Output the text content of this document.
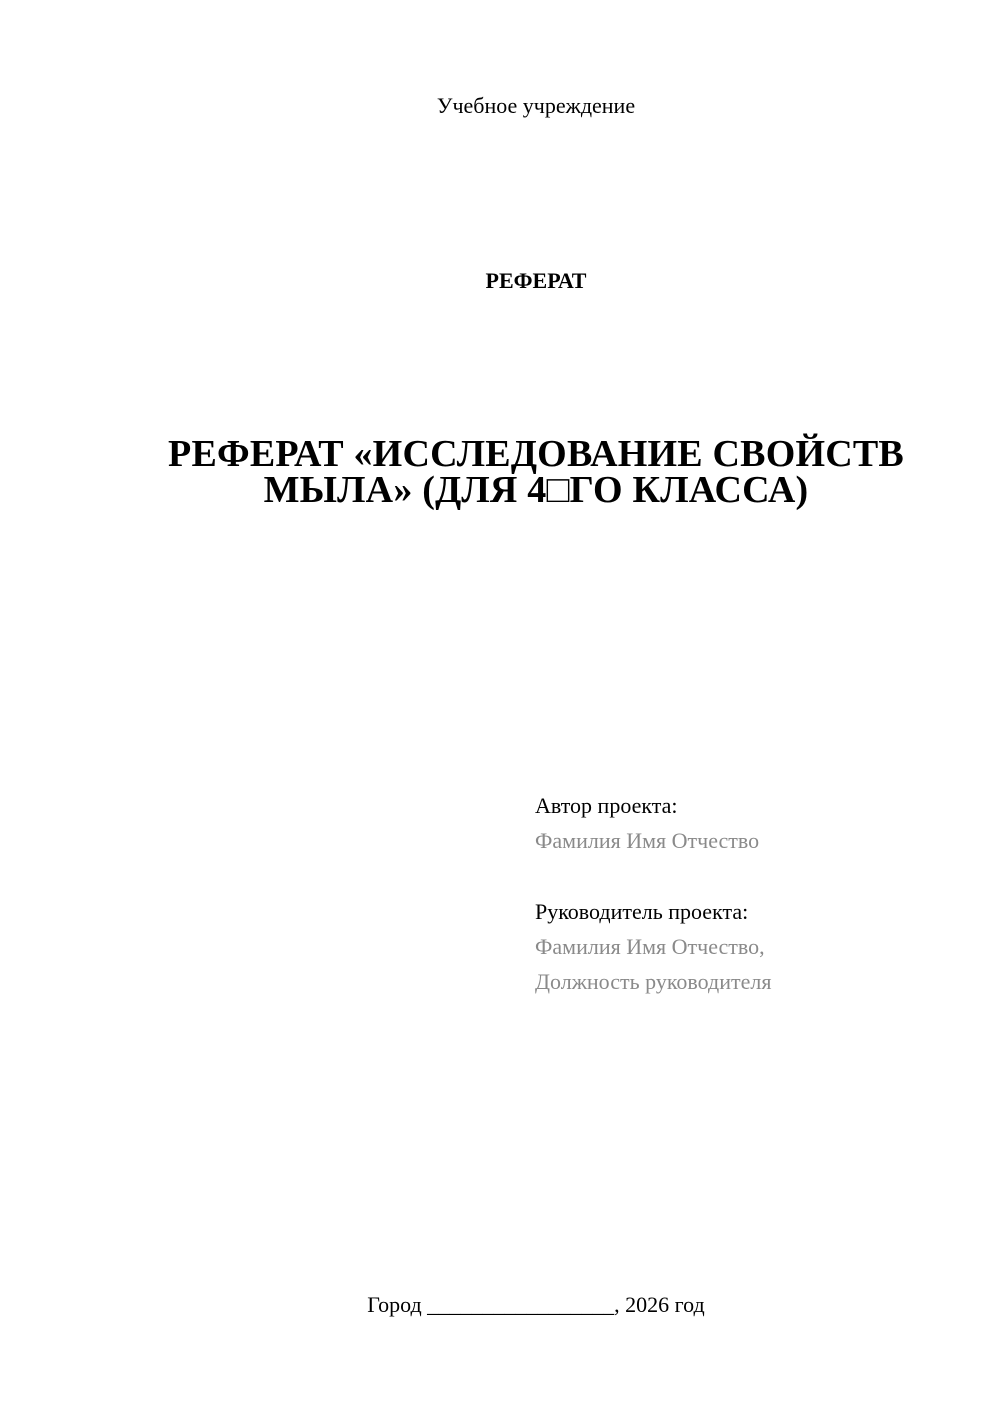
Учебное учреждение
РЕФЕРАТ
РЕФЕРАТ «ИССЛЕДОВАНИЕ СВОЙСТВ
МЫЛА» (ДЛЯ 4□ГО КЛАССА)
Автор проекта:
Фамилия Имя Отчество
Руководитель проекта:
Фамилия Имя Отчество,
Должность руководителя
Город _________________, 2026 год
